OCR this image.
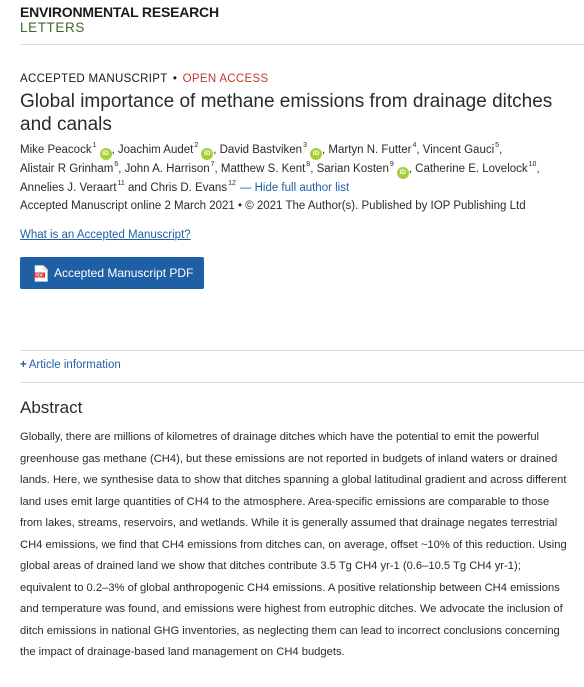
ENVIRONMENTAL RESEARCH
LETTERS
ACCEPTED MANUSCRIPT • OPEN ACCESS
Global importance of methane emissions from drainage ditches and canals
Mike Peacock$^1$iD , Joachim Audet$^2$iD , David Bastviken$^3$iD , Martyn N. Futter$^4$, Vincent Gauci$^5$, Alistair R Grinham$^6$, John A. Harrison$^7$, Matthew S. Kent$^8$, Sarian Kosten$^9$iD , Catherine E. Lovelock$^{10}$, Annelies J. Veraart$^{11}$ and Chris D. Evans$^{12}$ — Hide full author list
Accepted Manuscript online 2 March 2021 • © 2021 The Author(s). Published by IOP Publishing Ltd
What is an Accepted Manuscript?
PDF Accepted Manuscript PDF
+ Article information
Abstract

Globally, there are millions of kilometres of drainage ditches which have the potential to emit the powerful greenhouse gas methane (CH4), but these emissions are not reported in budgets of inland waters or drained lands. Here, we synthesise data to show that ditches spanning a global latitudinal gradient and across different land uses emit large quantities of CH4 to the atmosphere. Area-specific emissions are comparable to those from lakes, streams, reservoirs, and wetlands. While it is generally assumed that drainage negates terrestrial CH4 emissions, we find that CH4 emissions from ditches can, on average, offset ~10% of this reduction. Using global areas of drained land we show that ditches contribute 3.5 Tg CH4 yr-1 (0.6–10.5 Tg CH4 yr-1); equivalent to 0.2–3% of global anthropogenic CH4 emissions. A positive relationship between CH4 emissions and temperature was found, and emissions were highest from eutrophic ditches. We advocate the inclusion of ditch emissions in national GHG inventories, as neglecting them can lead to incorrect conclusions concerning the impact of drainage-based land management on CH4 budgets.
